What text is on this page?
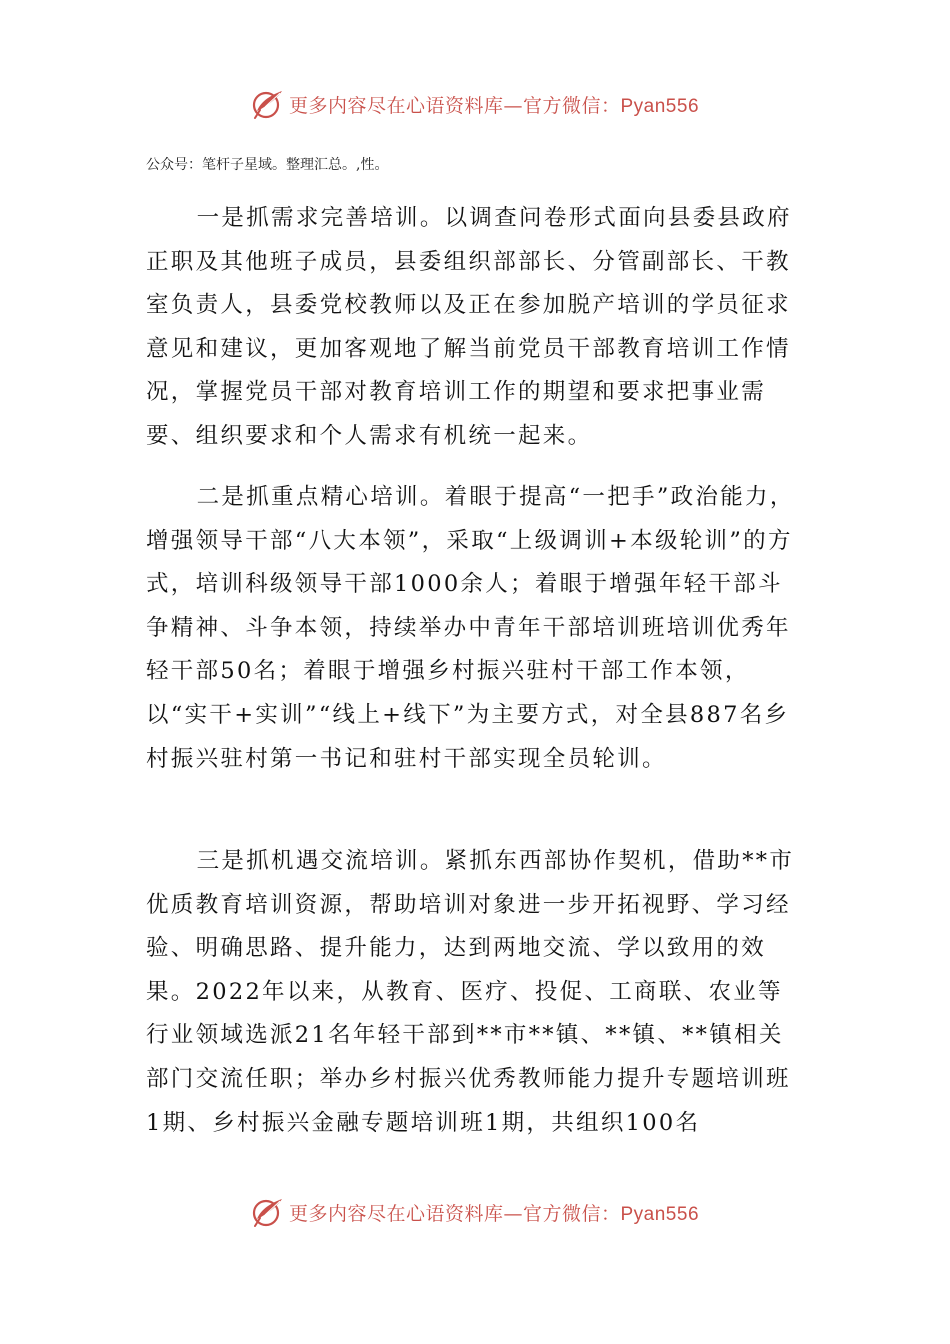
更多内容尽在心语资料库—官方微信：Pyan556
公众号：笔杆子星域。整理汇总。,性。

一是抓需求完善培训。以调查问卷形式面向县委县政府正职及其他班子成员，县委组织部部长、分管副部长、干教室负责人，县委党校教师以及正在参加脱产培训的学员征求意见和建议，更加客观地了解当前党员干部教育培训工作情况，掌握党员干部对教育培训工作的期望和要求把事业需要、组织要求和个人需求有机统一起来。

二是抓重点精心培训。着眼于提高“一把手”政治能力，增强领导干部“八大本领”，采取“上级调训+本级轮训”的方式，培训科级领导干部1000余人；着眼于增强年轻干部斗争精神、斗争本领，持续举办中青年干部培训班培训优秀年轻干部50名；着眼于增强乡村振兴驻村干部工作本领，以“实干+实训”“线上+线下”为主要方式，对全县887名乡村振兴驻村第一书记和驻村干部实现全员轮训。

三是抓机遇交流培训。紧抓东西部协作契机，借助**市优质教育培训资源，帮助培训对象进一步开拓视野、学习经验、明确思路、提升能力，达到两地交流、学以致用的效果。2022年以来，从教育、医疗、投促、工商联、农业等行业领域选派21名年轻干部到**市**镇、**镇、**镇相关部门交流任职；举办乡村振兴优秀教师能力提升专题培训班1期、乡村振兴金融专题培训班1期，共组织100名

更多内容尽在心语资料库—官方微信：Pyan556
